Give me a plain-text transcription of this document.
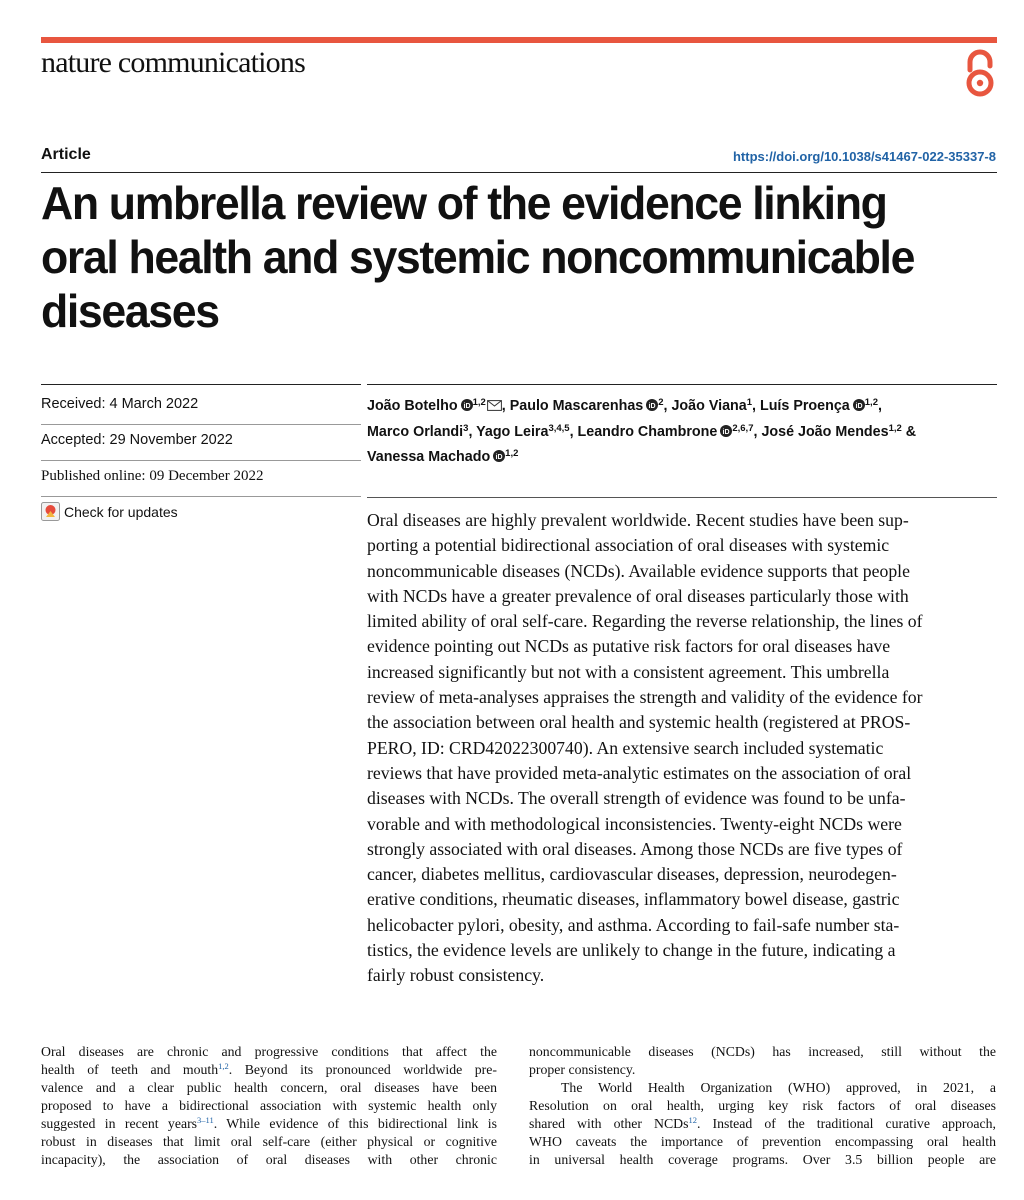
nature communications
Article	https://doi.org/10.1038/s41467-022-35337-8
An umbrella review of the evidence linking
oral health and systemic noncommunicable
diseases
Received: 4 March 2022
Accepted: 29 November 2022
Published online: 09 December 2022
Check for updates
João Botelho iD $^{1,2}$ , Paulo Mascarenhas iD $^2$, João Viana$^1$, Luís Proença iD $^{1,2}$,
Marco Orlandi$^3$, Yago Leira$^{3,4,5}$, Leandro Chambrone iD $^{2,6,7}$, José João Mendes$^{1,2}$ &
Vanessa Machado iD $^{1,2}$
Oral diseases are highly prevalent worldwide. Recent studies have been sup-
porting a potential bidirectional association of oral diseases with systemic
noncommunicable diseases (NCDs). Available evidence supports that people
with NCDs have a greater prevalence of oral diseases particularly those with
limited ability of oral self-care. Regarding the reverse relationship, the lines of
evidence pointing out NCDs as putative risk factors for oral diseases have
increased significantly but not with a consistent agreement. This umbrella
review of meta-analyses appraises the strength and validity of the evidence for
the association between oral health and systemic health (registered at PROS-
PERO, ID: CRD42022300740). An extensive search included systematic
reviews that have provided meta-analytic estimates on the association of oral
diseases with NCDs. The overall strength of evidence was found to be unfa-
vorable and with methodological inconsistencies. Twenty-eight NCDs were
strongly associated with oral diseases. Among those NCDs are five types of
cancer, diabetes mellitus, cardiovascular diseases, depression, neurodegen-
erative conditions, rheumatic diseases, inflammatory bowel disease, gastric
helicobacter pylori, obesity, and asthma. According to fail-safe number sta-
tistics, the evidence levels are unlikely to change in the future, indicating a
fairly robust consistency.
Oral diseases are chronic and progressive conditions that affect the
health of teeth and mouth$^{1,2}$. Beyond its pronounced worldwide pre-
valence and a clear public health concern, oral diseases have been
proposed to have a bidirectional association with systemic health only
suggested in recent years$^{3-11}$. While evidence of this bidirectional link is
robust in diseases that limit oral self-care (either physical or cognitive
incapacity), the association of oral diseases with other chronic
noncommunicable diseases (NCDs) has increased, still without the
proper consistency.
The World Health Organization (WHO) approved, in 2021, a
Resolution on oral health, urging key risk factors of oral diseases
shared with other NCDs$^{12}$. Instead of the traditional curative approach,
WHO caveats the importance of prevention encompassing oral health
in universal health coverage programs. Over 3.5 billion people are
